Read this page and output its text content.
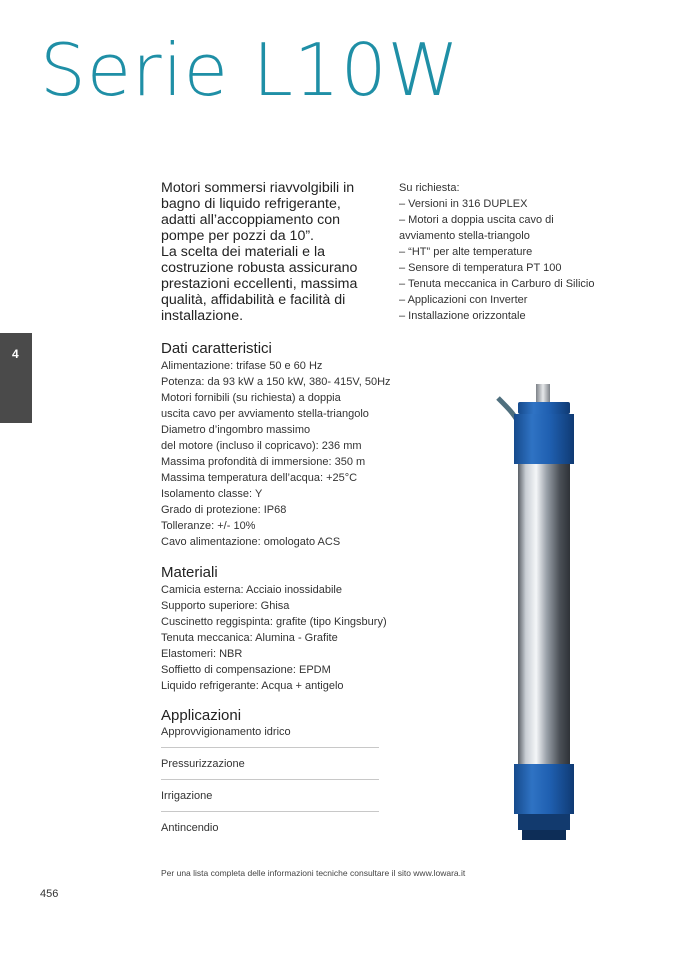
Serie L10W
4

Motori sommersi riavvolgibili in

bagno di liquido refrigerante,

adatti all’accoppiamento con

pompe per pozzi da 10”.

La scelta dei materiali e la

costruzione robusta assicurano

prestazioni eccellenti, massima

qualità, affidabilità e facilità di

installazione.

Su richiesta:
– Versioni in 316 DUPLEX
– Motori a doppia uscita cavo di
avviamento stella-triangolo
– “HT” per alte temperature
– Sensore di temperatura PT 100
– Tenuta meccanica in Carburo di Silicio
– Applicazioni con Inverter
– Installazione orizzontale
Dati caratteristici
Alimentazione: trifase 50 e 60 Hz
Potenza: da 93 kW a 150 kW, 380- 415V, 50Hz
Motori fornibili (su richiesta) a doppia
uscita cavo per avviamento stella-triangolo
Diametro d’ingombro massimo
del motore (incluso il copricavo): 236 mm
Massima profondità di immersione: 350 m
Massima temperatura dell’acqua: +25°C
Isolamento classe: Y
Grado di protezione: IP68
Tolleranze: +/- 10%
Cavo alimentazione: omologato ACS
Materiali
Camicia esterna: Acciaio inossidabile
Supporto superiore: Ghisa
Cuscinetto reggispinta: grafite (tipo Kingsbury)
Tenuta meccanica: Alumina - Grafite
Elastomeri: NBR
Soffietto di compensazione: EPDM
Liquido refrigerante: Acqua + antigelo
Applicazioni
Approvvigionamento idrico
Pressurizzazione
Irrigazione
Antincendio
Per una lista completa delle informazioni tecniche consultare il sito www.lowara.it
456
